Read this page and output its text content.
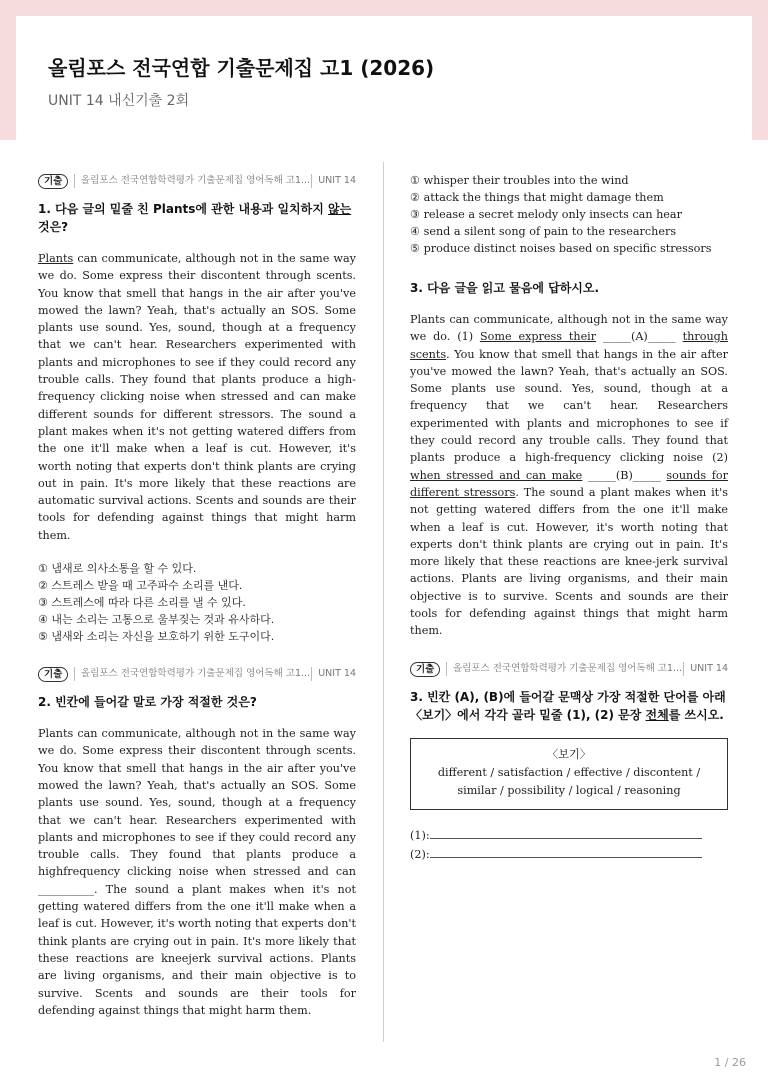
올림포스 전국연합 기출문제집 고1 (2026)
UNIT 14 내신기출 2회
기출	올림포스 전국연합학력평가 기출문제집 영어독해 고1... UNIT 14
1. 다음 글의 밑줄 친 Plants에 관한 내용과 일치하지 않는 것은?

Plants can communicate, although not in the same way we do. Some express their discontent through scents. You know that smell that hangs in the air after you've mowed the lawn? Yeah, that's actually an SOS. Some plants use sound. Yes, sound, though at a frequency that we can't hear. Researchers experimented with plants and microphones to see if they could record any trouble calls. They found that plants produce a high-frequency clicking noise when stressed and can make different sounds for different stressors. The sound a plant makes when it's not getting watered differs from the one it'll make when a leaf is cut. However, it's worth noting that experts don't think plants are crying out in pain. It's more likely that these reactions are automatic survival actions. Scents and sounds are their tools for defending against things that might harm them.

① 냄새로 의사소통을 할 수 있다.
② 스트레스 받을 때 고주파수 소리를 낸다.
③ 스트레스에 따라 다른 소리를 낼 수 있다.
④ 내는 소리는 고통으로 울부짖는 것과 유사하다.
⑤ 냄새와 소리는 자신을 보호하기 위한 도구이다.
기출	올림포스 전국연합학력평가 기출문제집 영어독해 고1... UNIT 14
2. 빈칸에 들어갈 말로 가장 적절한 것은?

Plants can communicate, although not in the same way we do. Some express their discontent through scents. You know that smell that hangs in the air after you've mowed the lawn? Yeah, that's actually an SOS. Some plants use sound. Yes, sound, though at a frequency that we can't hear. Researchers experimented with plants and microphones to see if they could record any trouble calls. They found that plants produce a highfrequency clicking noise when stressed and can __________. The sound a plant makes when it's not getting watered differs from the one it'll make when a leaf is cut. However, it's worth noting that experts don't think plants are crying out in pain. It's more likely that these reactions are kneejerk survival actions. Plants are living organisms, and their main objective is to survive. Scents and sounds are their tools for defending against things that might harm them.

① whisper their troubles into the wind
② attack the things that might damage them
③ release a secret melody only insects can hear
④ send a silent song of pain to the researchers
⑤ produce distinct noises based on specific stressors
3. 다음 글을 읽고 물음에 답하시오.

Plants can communicate, although not in the same way we do. (1) Some express their _____(A)_____ through scents. You know that smell that hangs in the air after you've mowed the lawn? Yeah, that's actually an SOS. Some plants use sound. Yes, sound, though at a frequency that we can't hear. Researchers experimented with plants and microphones to see if they could record any trouble calls. They found that plants produce a high-frequency clicking noise (2) when stressed and can make _____(B)_____ sounds for different stressors. The sound a plant makes when it's not getting watered differs from the one it'll make when a leaf is cut. However, it's worth noting that experts don't think plants are crying out in pain. It's more likely that these reactions are knee-jerk survival actions. Plants are living organisms, and their main objective is to survive. Scents and sounds are their tools for defending against things that might harm them.

기출	올림포스 전국연합학력평가 기출문제집 영어독해 고1... UNIT 14
3. 빈칸 (A), (B)에 들어갈 문맥상 가장 적절한 단어를 아래 〈보기〉에서 각각 골라 밑줄 (1), (2) 문장 전체를 쓰시오.
〈보기〉
different / satisfaction / effective / discontent / similar / possibility / logical / reasoning
(1):
(2):
1 / 26
